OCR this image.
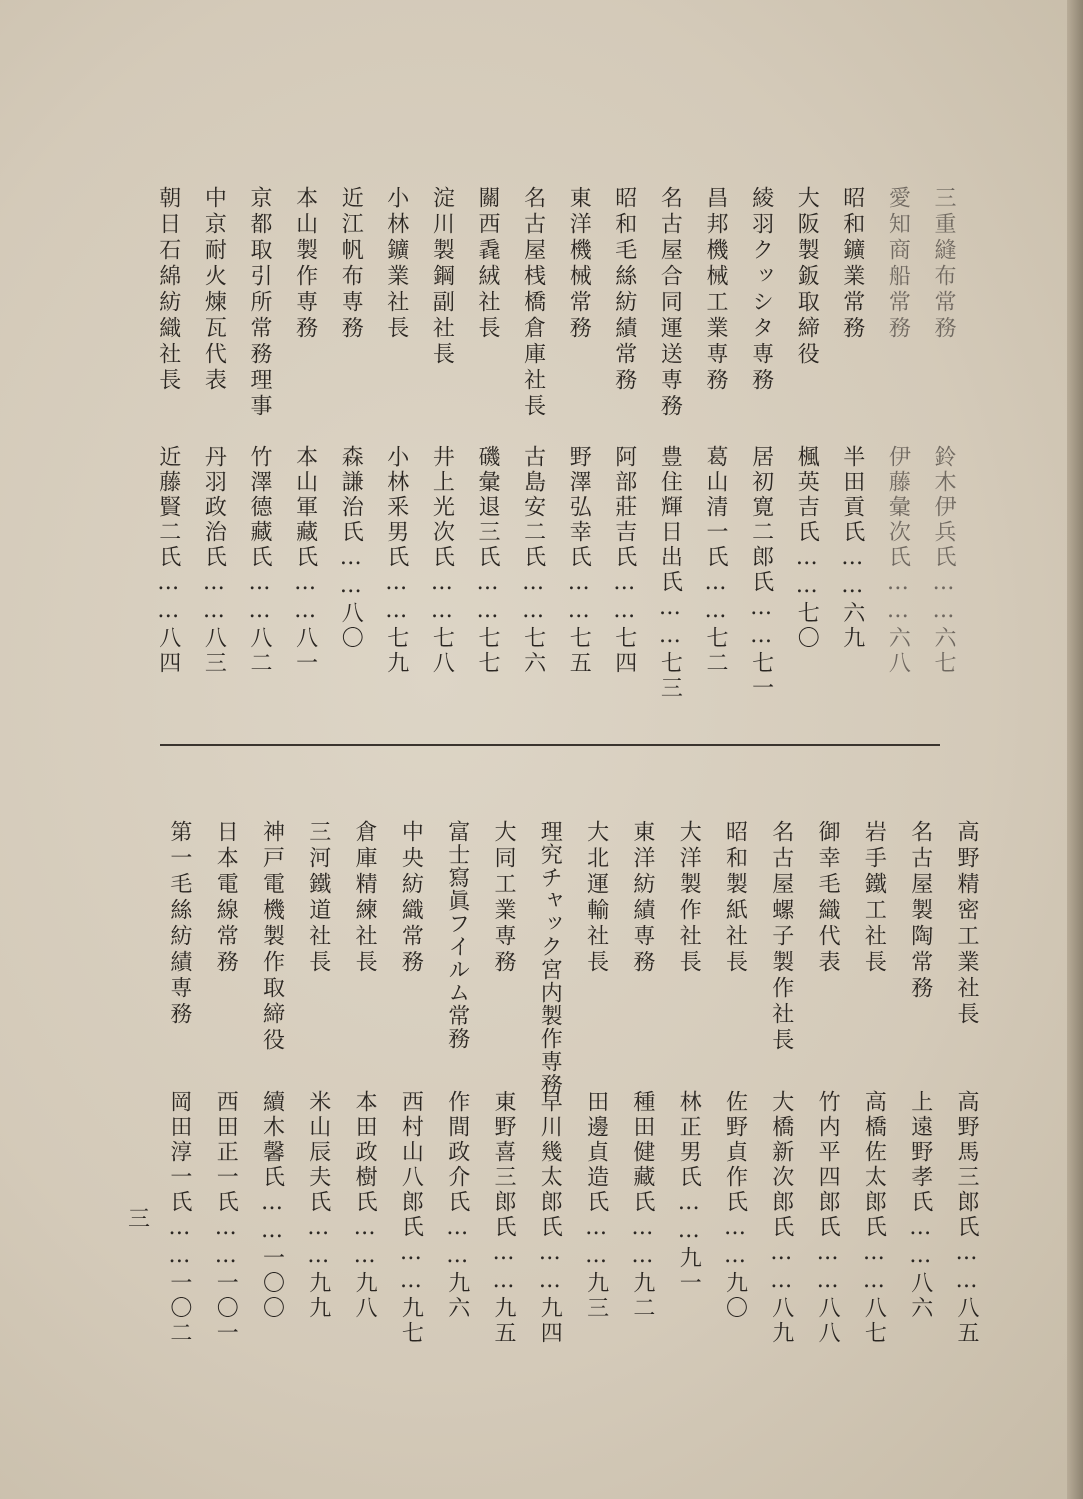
三重縫布常務
鈴木伊兵氏……六七
愛知商船常務
伊藤彙次氏……六八
昭和鑛業常務
半田貢氏……六九
大阪製鈑取締役
楓英吉氏……七〇
綾羽クッシタ専務
居初寛二郎氏……七一
昌邦機械工業専務
葛山清一氏……七二
名古屋合同運送専務
豊住輝日出氏……七三
昭和毛絲紡績常務
阿部莊吉氏……七四
東洋機械常務
野澤弘幸氏……七五
名古屋桟橋倉庫社長
古島安二氏……七六
關西毳絨社長
磯彙退三氏……七七
淀川製鋼副社長
井上光次氏……七八
小林鑛業社長
小林釆男氏……七九
近江帆布専務
森謙治氏……八〇
本山製作専務
本山軍藏氏……八一
京都取引所常務理事
竹澤德藏氏……八二
中京耐火煉瓦代表
丹羽政治氏……八三
朝日石綿紡織社長
近藤賢二氏……八四
高野精密工業社長
高野馬三郎氏……八五
名古屋製陶常務
上遠野孝氏……八六
岩手鐵工社長
高橋佐太郎氏……八七
御幸毛織代表
竹内平四郎氏……八八
名古屋螺子製作社長
大橋新次郎氏……八九
昭和製紙社長
佐野貞作氏……九〇
大洋製作社長
林正男氏……九一
東洋紡績専務
種田健藏氏……九二
大北運輸社長
田邊貞造氏……九三
理究チャック宮内製作専務
早川幾太郎氏……九四
大同工業専務
東野喜三郎氏……九五
富士寫眞フイルム常務
作間政介氏……九六
中央紡織常務
西村山八郎氏……九七
倉庫精練社長
本田政樹氏……九八
三河鐵道社長
米山辰夫氏……九九
神戸電機製作取締役
續木馨氏……一〇〇
日本電線常務
西田正一氏……一〇一
第一毛絲紡績専務
岡田淳一氏……一〇二
三
